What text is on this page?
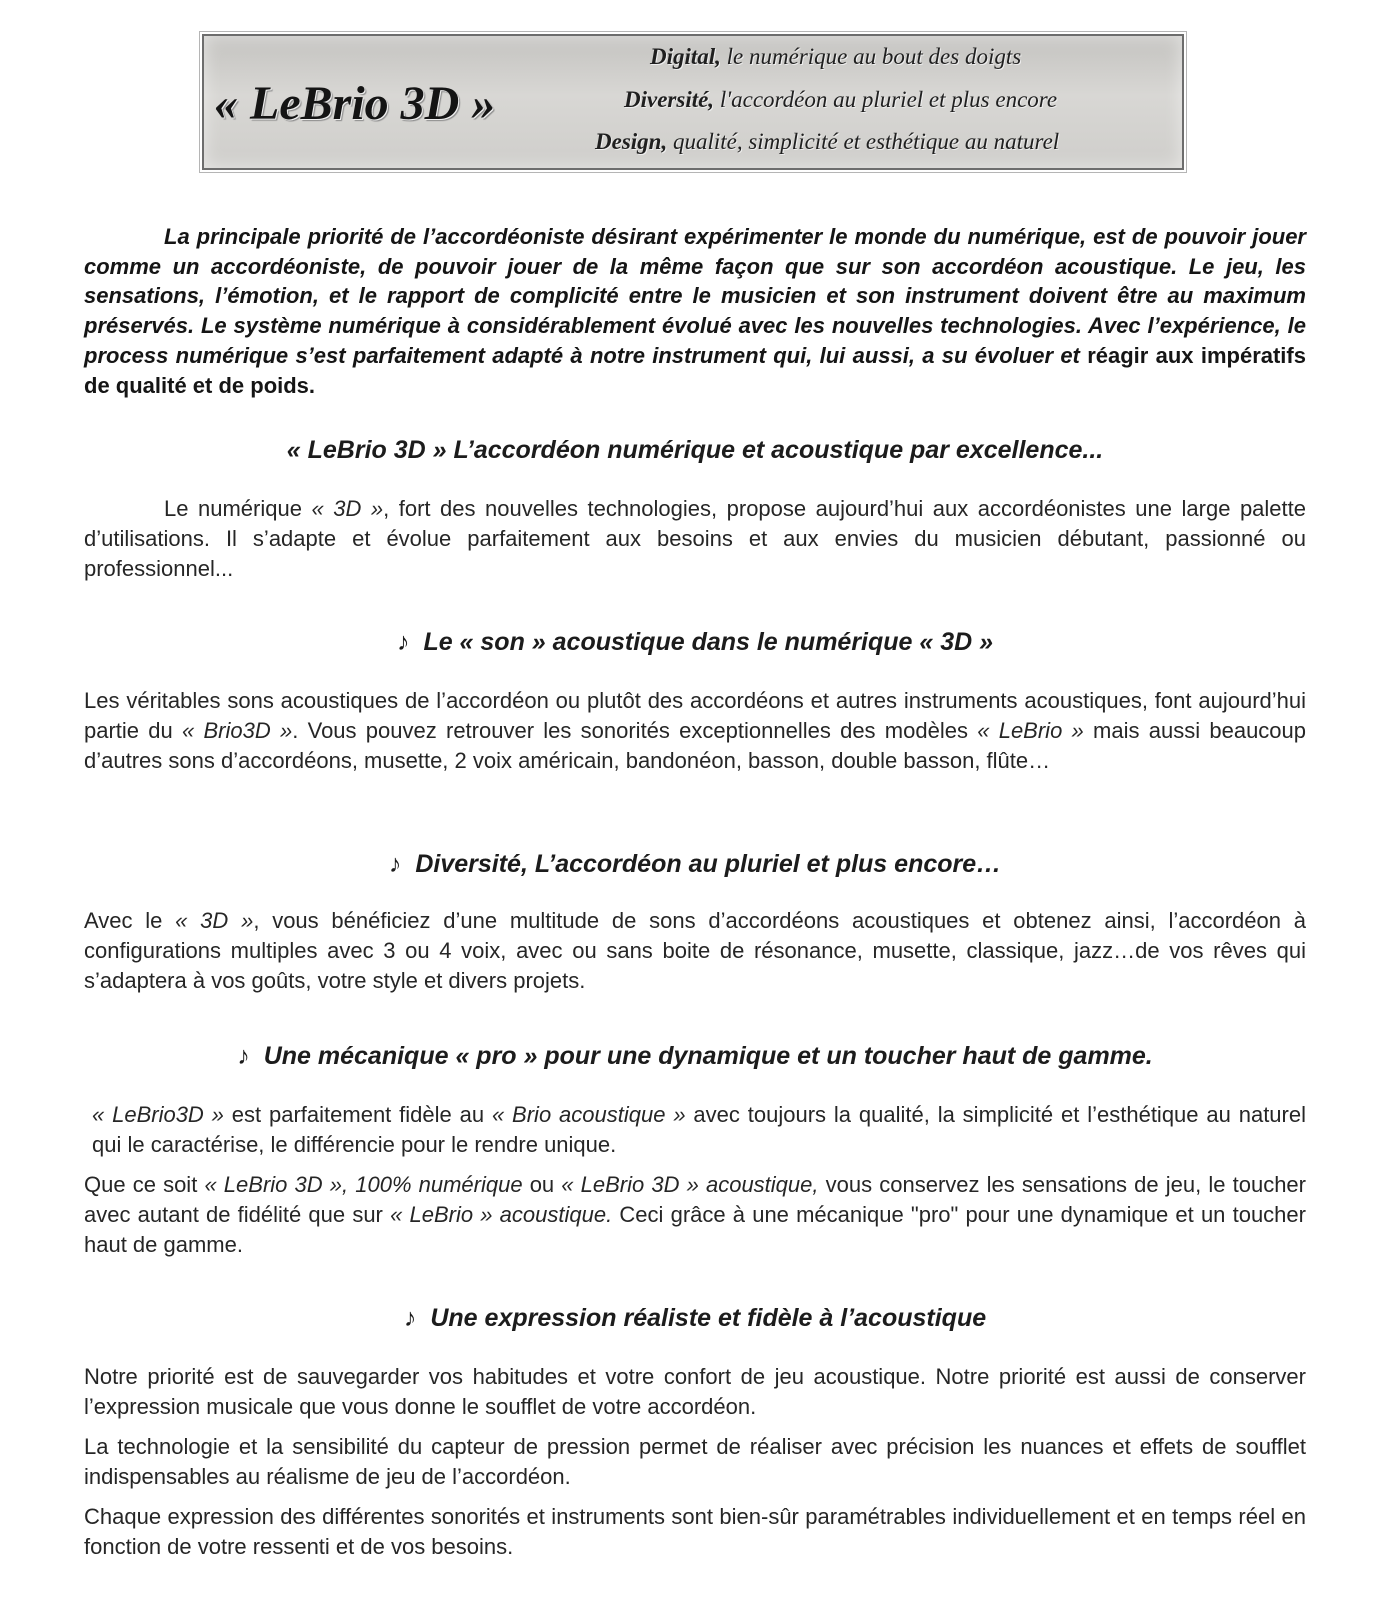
« LeBrio 3D »
Digital, le numérique au bout des doigts
Diversité, l'accordéon au pluriel et plus encore
Design, qualité, simplicité et esthétique au naturel

La principale priorité de l’accordéoniste désirant expérimenter le monde du numérique, est de pouvoir jouer comme un accordéoniste, de pouvoir jouer de la même façon que sur son accordéon acoustique. Le jeu, les sensations, l’émotion, et le rapport de complicité entre le musicien et son instrument doivent être au maximum préservés. Le système numérique à considérablement évolué avec les nouvelles technologies. Avec l’expérience, le process numérique s’est parfaitement adapté à notre instrument qui, lui aussi, a su évoluer et réagir aux impératifs de qualité et de poids.

« LeBrio 3D » L’accordéon numérique et acoustique par excellence...

Le numérique « 3D », fort des nouvelles technologies, propose aujourd’hui aux accordéonistes une large palette d’utilisations. Il s’adapte et évolue parfaitement aux besoins et aux envies du musicien débutant, passionné ou professionnel...

♪ Le « son » acoustique dans le numérique « 3D »

Les véritables sons acoustiques de l’accordéon ou plutôt des accordéons et autres instruments acoustiques, font aujourd’hui partie du « Brio3D ». Vous pouvez retrouver les sonorités exceptionnelles des modèles « LeBrio » mais aussi beaucoup d’autres sons d’accordéons, musette, 2 voix américain, bandonéon, basson, double basson, flûte…

♪ Diversité, L’accordéon au pluriel et plus encore…

Avec le « 3D », vous bénéficiez d’une multitude de sons d’accordéons acoustiques et obtenez ainsi, l’accordéon à configurations multiples avec 3 ou 4 voix, avec ou sans boite de résonance, musette, classique, jazz…de vos rêves qui s’adaptera à vos goûts, votre style et divers projets.

♪ Une mécanique « pro » pour une dynamique et un toucher haut de gamme.

« LeBrio3D » est parfaitement fidèle au « Brio acoustique » avec toujours la qualité, la simplicité et l’esthétique au naturel qui le caractérise, le différencie pour le rendre unique.

Que ce soit « LeBrio 3D », 100% numérique ou « LeBrio 3D » acoustique, vous conservez les sensations de jeu, le toucher avec autant de fidélité que sur « LeBrio » acoustique. Ceci grâce à une mécanique "pro" pour une dynamique et un toucher haut de gamme.

♪ Une expression réaliste et fidèle à l’acoustique

Notre priorité est de sauvegarder vos habitudes et votre confort de jeu acoustique. Notre priorité est aussi de conserver l’expression musicale que vous donne le soufflet de votre accordéon.

La technologie et la sensibilité du capteur de pression permet de réaliser avec précision les nuances et effets de soufflet indispensables au réalisme de jeu de l’accordéon.

Chaque expression des différentes sonorités et instruments sont bien-sûr paramétrables individuellement et en temps réel en fonction de votre ressenti et de vos besoins.
